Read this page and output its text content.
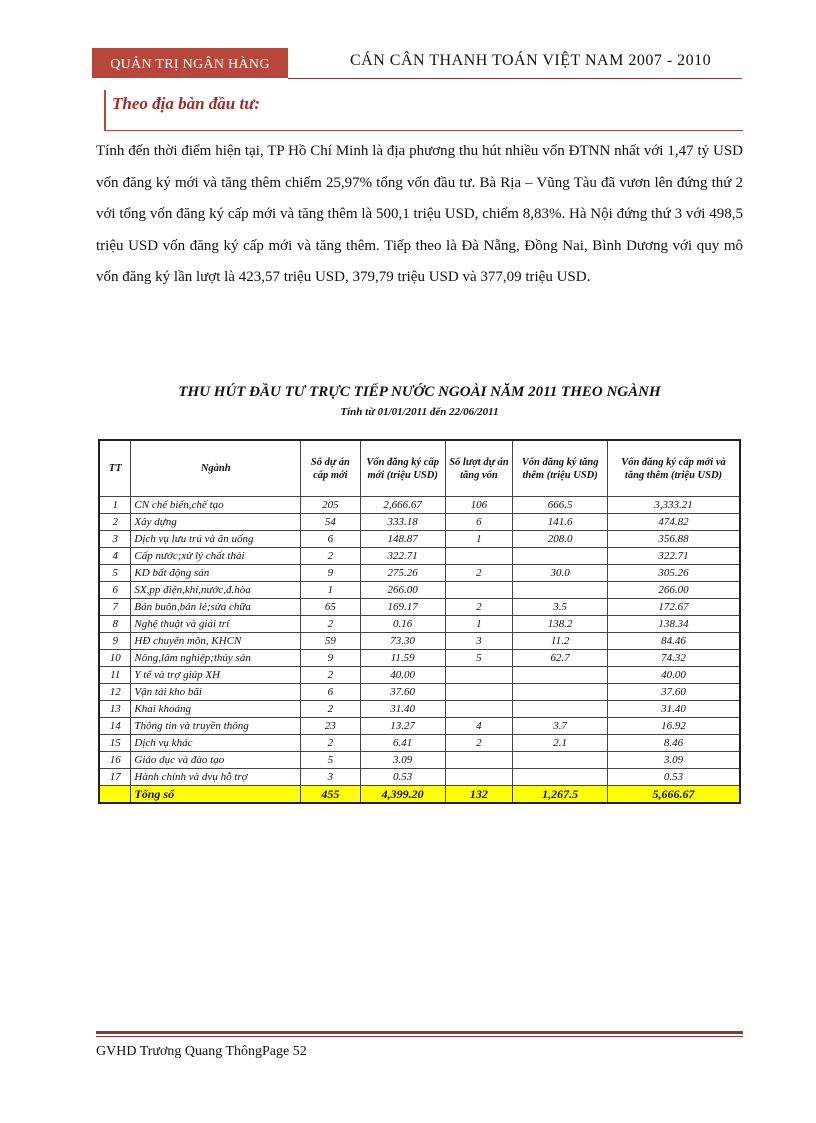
QUẢN TRỊ NGÂN HÀNG	CÁN CÂN THANH TOÁN VIỆT NAM 2007 - 2010
Theo địa bàn đầu tư:

Tính đến thời điểm hiện tại, TP Hồ Chí Minh là địa phương thu hút nhiều vốn ĐTNN nhất với 1,47 tỷ USD vốn đăng ký mới và tăng thêm chiếm 25,97% tổng vốn đầu tư. Bà Rịa – Vũng Tàu đã vươn lên đứng thứ 2 với tổng vốn đăng ký cấp mới và tăng thêm là 500,1 triệu USD, chiếm 8,83%. Hà Nội đứng thứ 3 với 498,5 triệu USD vốn đăng ký cấp mới và tăng thêm. Tiếp theo là Đà Nẵng, Đồng Nai, Bình Dương với quy mô vốn đăng ký lần lượt là 423,57 triệu USD, 379,79 triệu USD và 377,09 triệu USD.

THU HÚT ĐẦU TƯ TRỰC TIẾP NƯỚC NGOÀI NĂM 2011 THEO NGÀNH
Tính từ 01/01/2011 đến 22/06/2011
TT	Ngành	Số dự án cấp mới	Vốn đăng ký cấp mới (triệu USD)	Số lượt dự án tăng vốn	Vốn đăng ký tăng thêm (triệu USD)	Vốn đăng ký cấp mới và tăng thêm (triệu USD)
1	CN chế biến,chế tạo	205	2,666.67	106	666.5	3,333.21
2	Xây dựng	54	333.18	6	141.6	474.82
3	Dịch vụ lưu trú và ăn uống	6	148.87	1	208.0	356.88
4	Cấp nước;xử lý chất thải	2	322.71			322.71
5	KD bất động sản	9	275.26	2	30.0	305.26
6	SX,pp điện,khí,nước,đ.hòa	1	266.00			266.00
7	Bán buôn,bán lẻ;sửa chữa	65	169.17	2	3.5	172.67
8	Nghệ thuật và giải trí	2	0.16	1	138.2	138.34
9	HĐ chuyên môn, KHCN	59	73.30	3	11.2	84.46
10	Nông,lâm nghiệp;thủy sản	9	11.59	5	62.7	74.32
11	Y tế và trợ giúp XH	2	40.00			40.00
12	Vận tải kho bãi	6	37.60			37.60
13	Khai khoáng	2	31.40			31.40
14	Thông tin và truyền thông	23	13.27	4	3.7	16.92
15	Dịch vụ khác	2	6.41	2	2.1	8.46
16	Giáo dục và đào tạo	5	3.09			3.09
17	Hành chính và dvụ hỗ trợ	3	0.53			0.53
	Tổng số	455	4,399.20	132	1,267.5	5,666.67
GVHD Trương Quang ThôngPage 52
